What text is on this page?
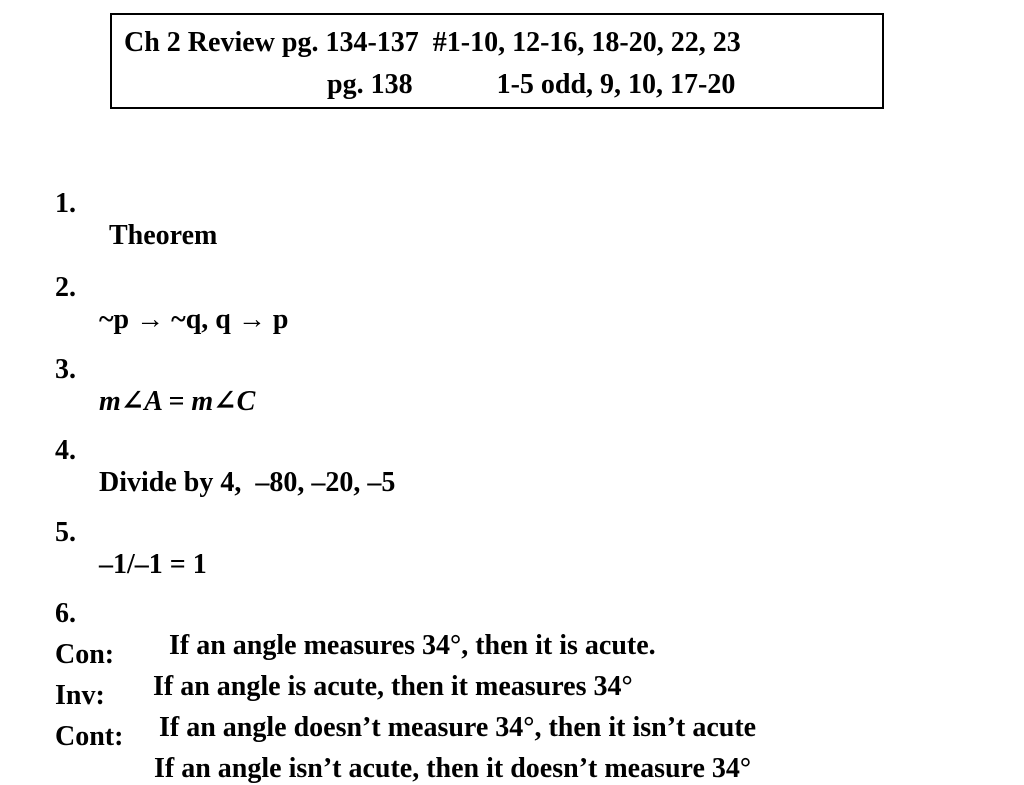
Ch 2 Review pg. 134-137  #1-10, 12-16, 18-20, 22, 23
pg. 138	1-5 odd, 9, 10, 17-20

1.

Theorem

2.

~p → ~q, q → p

3.

m∠A = m∠C

4.

Divide by 4,  –80, –20, –5

5.

–1/–1 = 1

6.

If an angle measures 34°, then it is acute.

Con:

If an angle is acute, then it measures 34°

Inv:

If an angle doesn’t measure 34°, then it isn’t acute

Cont:

If an angle isn’t acute, then it doesn’t measure 34°
